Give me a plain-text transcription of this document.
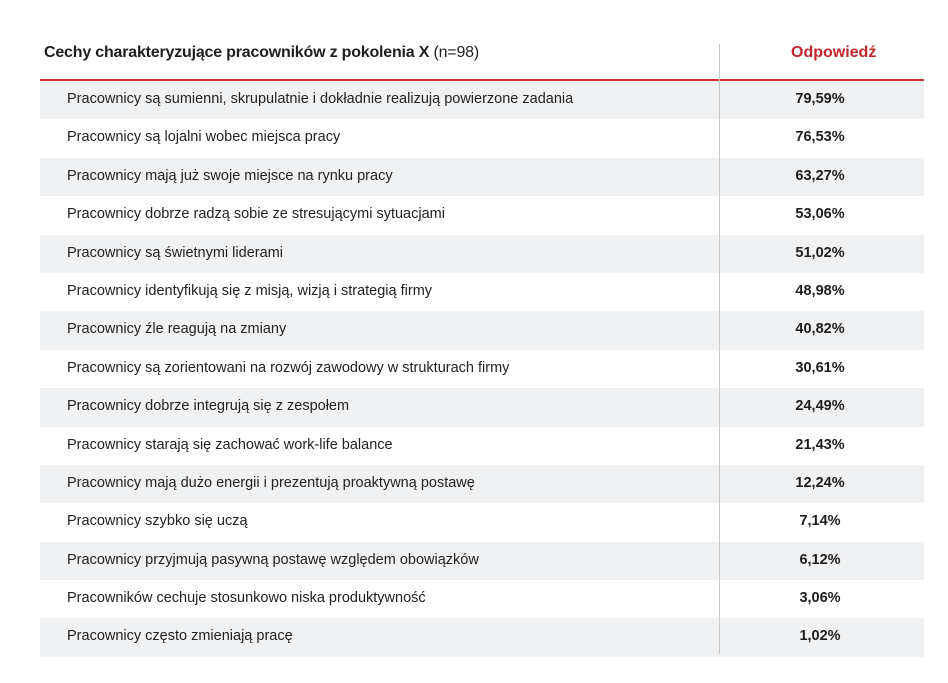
Cechy charakteryzujące pracowników z pokolenia X (n=98)	Odpowiedź
Pracownicy są sumienni, skrupulatnie i dokładnie realizują powierzone zadania	79,59%
Pracownicy są lojalni wobec miejsca pracy	76,53%
Pracownicy mają już swoje miejsce na rynku pracy	63,27%
Pracownicy dobrze radzą sobie ze stresującymi sytuacjami	53,06%
Pracownicy są świetnymi liderami	51,02%
Pracownicy identyfikują się z misją, wizją i strategią firmy	48,98%
Pracownicy źle reagują na zmiany	40,82%
Pracownicy są zorientowani na rozwój zawodowy w strukturach firmy	30,61%
Pracownicy dobrze integrują się z zespołem	24,49%
Pracownicy starają się zachować work-life balance	21,43%
Pracownicy mają dużo energii i prezentują proaktywną postawę	12,24%
Pracownicy szybko się uczą	7,14%
Pracownicy przyjmują pasywną postawę względem obowiązków	6,12%
Pracowników cechuje stosunkowo niska produktywność	3,06%
Pracownicy często zmieniają pracę	1,02%
